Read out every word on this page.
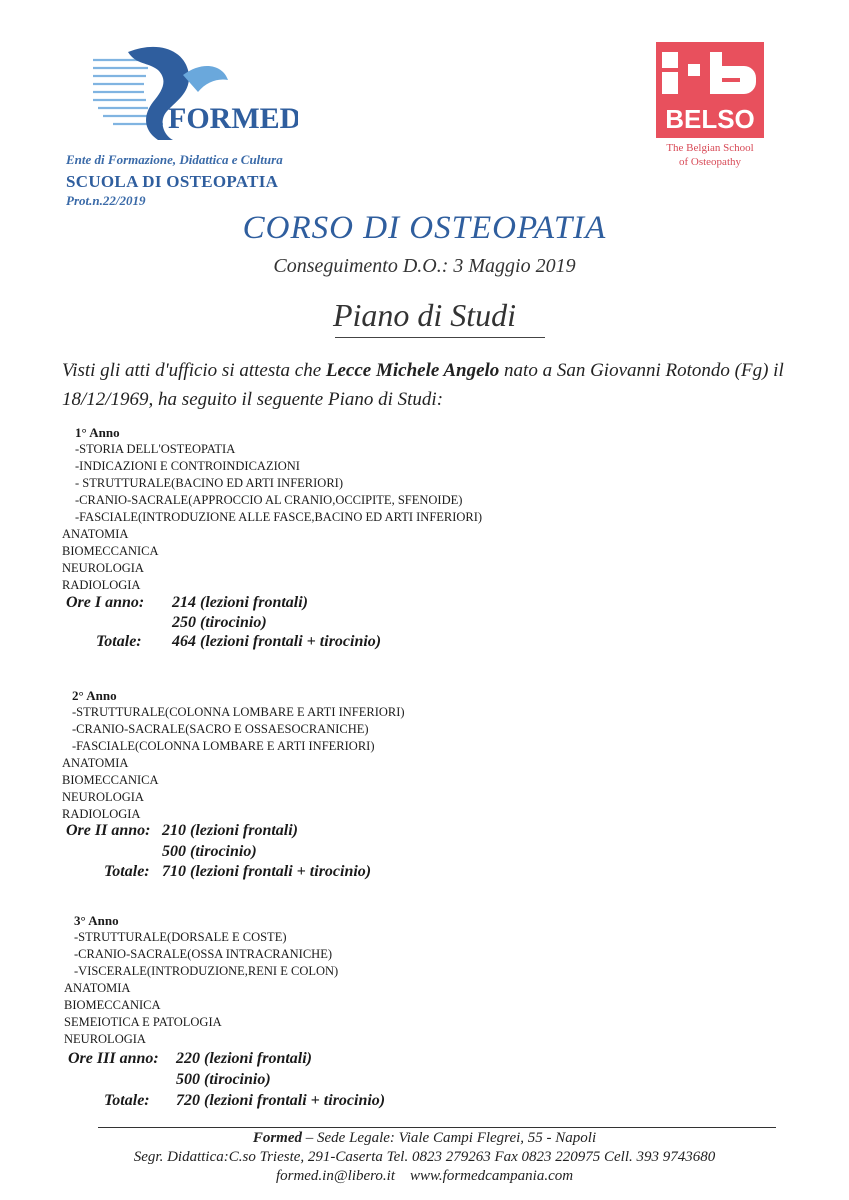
FORMED
Ente di Formazione, Didattica e Cultura
SCUOLA DI OSTEOPATIA
Prot.n.22/2019
BELSO
The Belgian School
of Osteopathy
CORSO DI OSTEOPATIA
Conseguimento D.O.: 3 Maggio 2019
Piano di Studi
Visti gli atti d'ufficio si attesta che Lecce Michele Angelo nato a San Giovanni Rotondo (Fg) il 18/12/1969, ha seguito il seguente Piano di Studi:
1° Anno
-STORIA DELL'OSTEOPATIA
-INDICAZIONI E CONTROINDICAZIONI
- STRUTTURALE(BACINO ED ARTI INFERIORI)
-CRANIO-SACRALE(APPROCCIO AL CRANIO,OCCIPITE, SFENOIDE)
-FASCIALE(INTRODUZIONE ALLE FASCE,BACINO ED ARTI INFERIORI)
ANATOMIA
BIOMECCANICA
NEUROLOGIA
RADIOLOGIA
Ore I anno: 214 (lezioni frontali)
250 (tirocinio)
Totale: 464 (lezioni frontali + tirocinio)
2° Anno
-STRUTTURALE(COLONNA LOMBARE E ARTI INFERIORI)
-CRANIO-SACRALE(SACRO E OSSAESOCRANICHE)
-FASCIALE(COLONNA LOMBARE E ARTI INFERIORI)
ANATOMIA
BIOMECCANICA
NEUROLOGIA
RADIOLOGIA
Ore II anno: 210 (lezioni frontali)
500 (tirocinio)
Totale: 710 (lezioni frontali + tirocinio)
3° Anno
-STRUTTURALE(DORSALE E COSTE)
-CRANIO-SACRALE(OSSA INTRACRANICHE)
-VISCERALE(INTRODUZIONE,RENI E COLON)
ANATOMIA
BIOMECCANICA
SEMEIOTICA E PATOLOGIA
NEUROLOGIA
Ore III anno: 220 (lezioni frontali)
500 (tirocinio)
Totale: 720 (lezioni frontali + tirocinio)
Formed – Sede Legale: Viale Campi Flegrei, 55 - Napoli
Segr. Didattica:C.so Trieste, 291-Caserta Tel. 0823 279263 Fax 0823 220975 Cell. 393 9743680
formed.in@libero.it www.formedcampania.com
